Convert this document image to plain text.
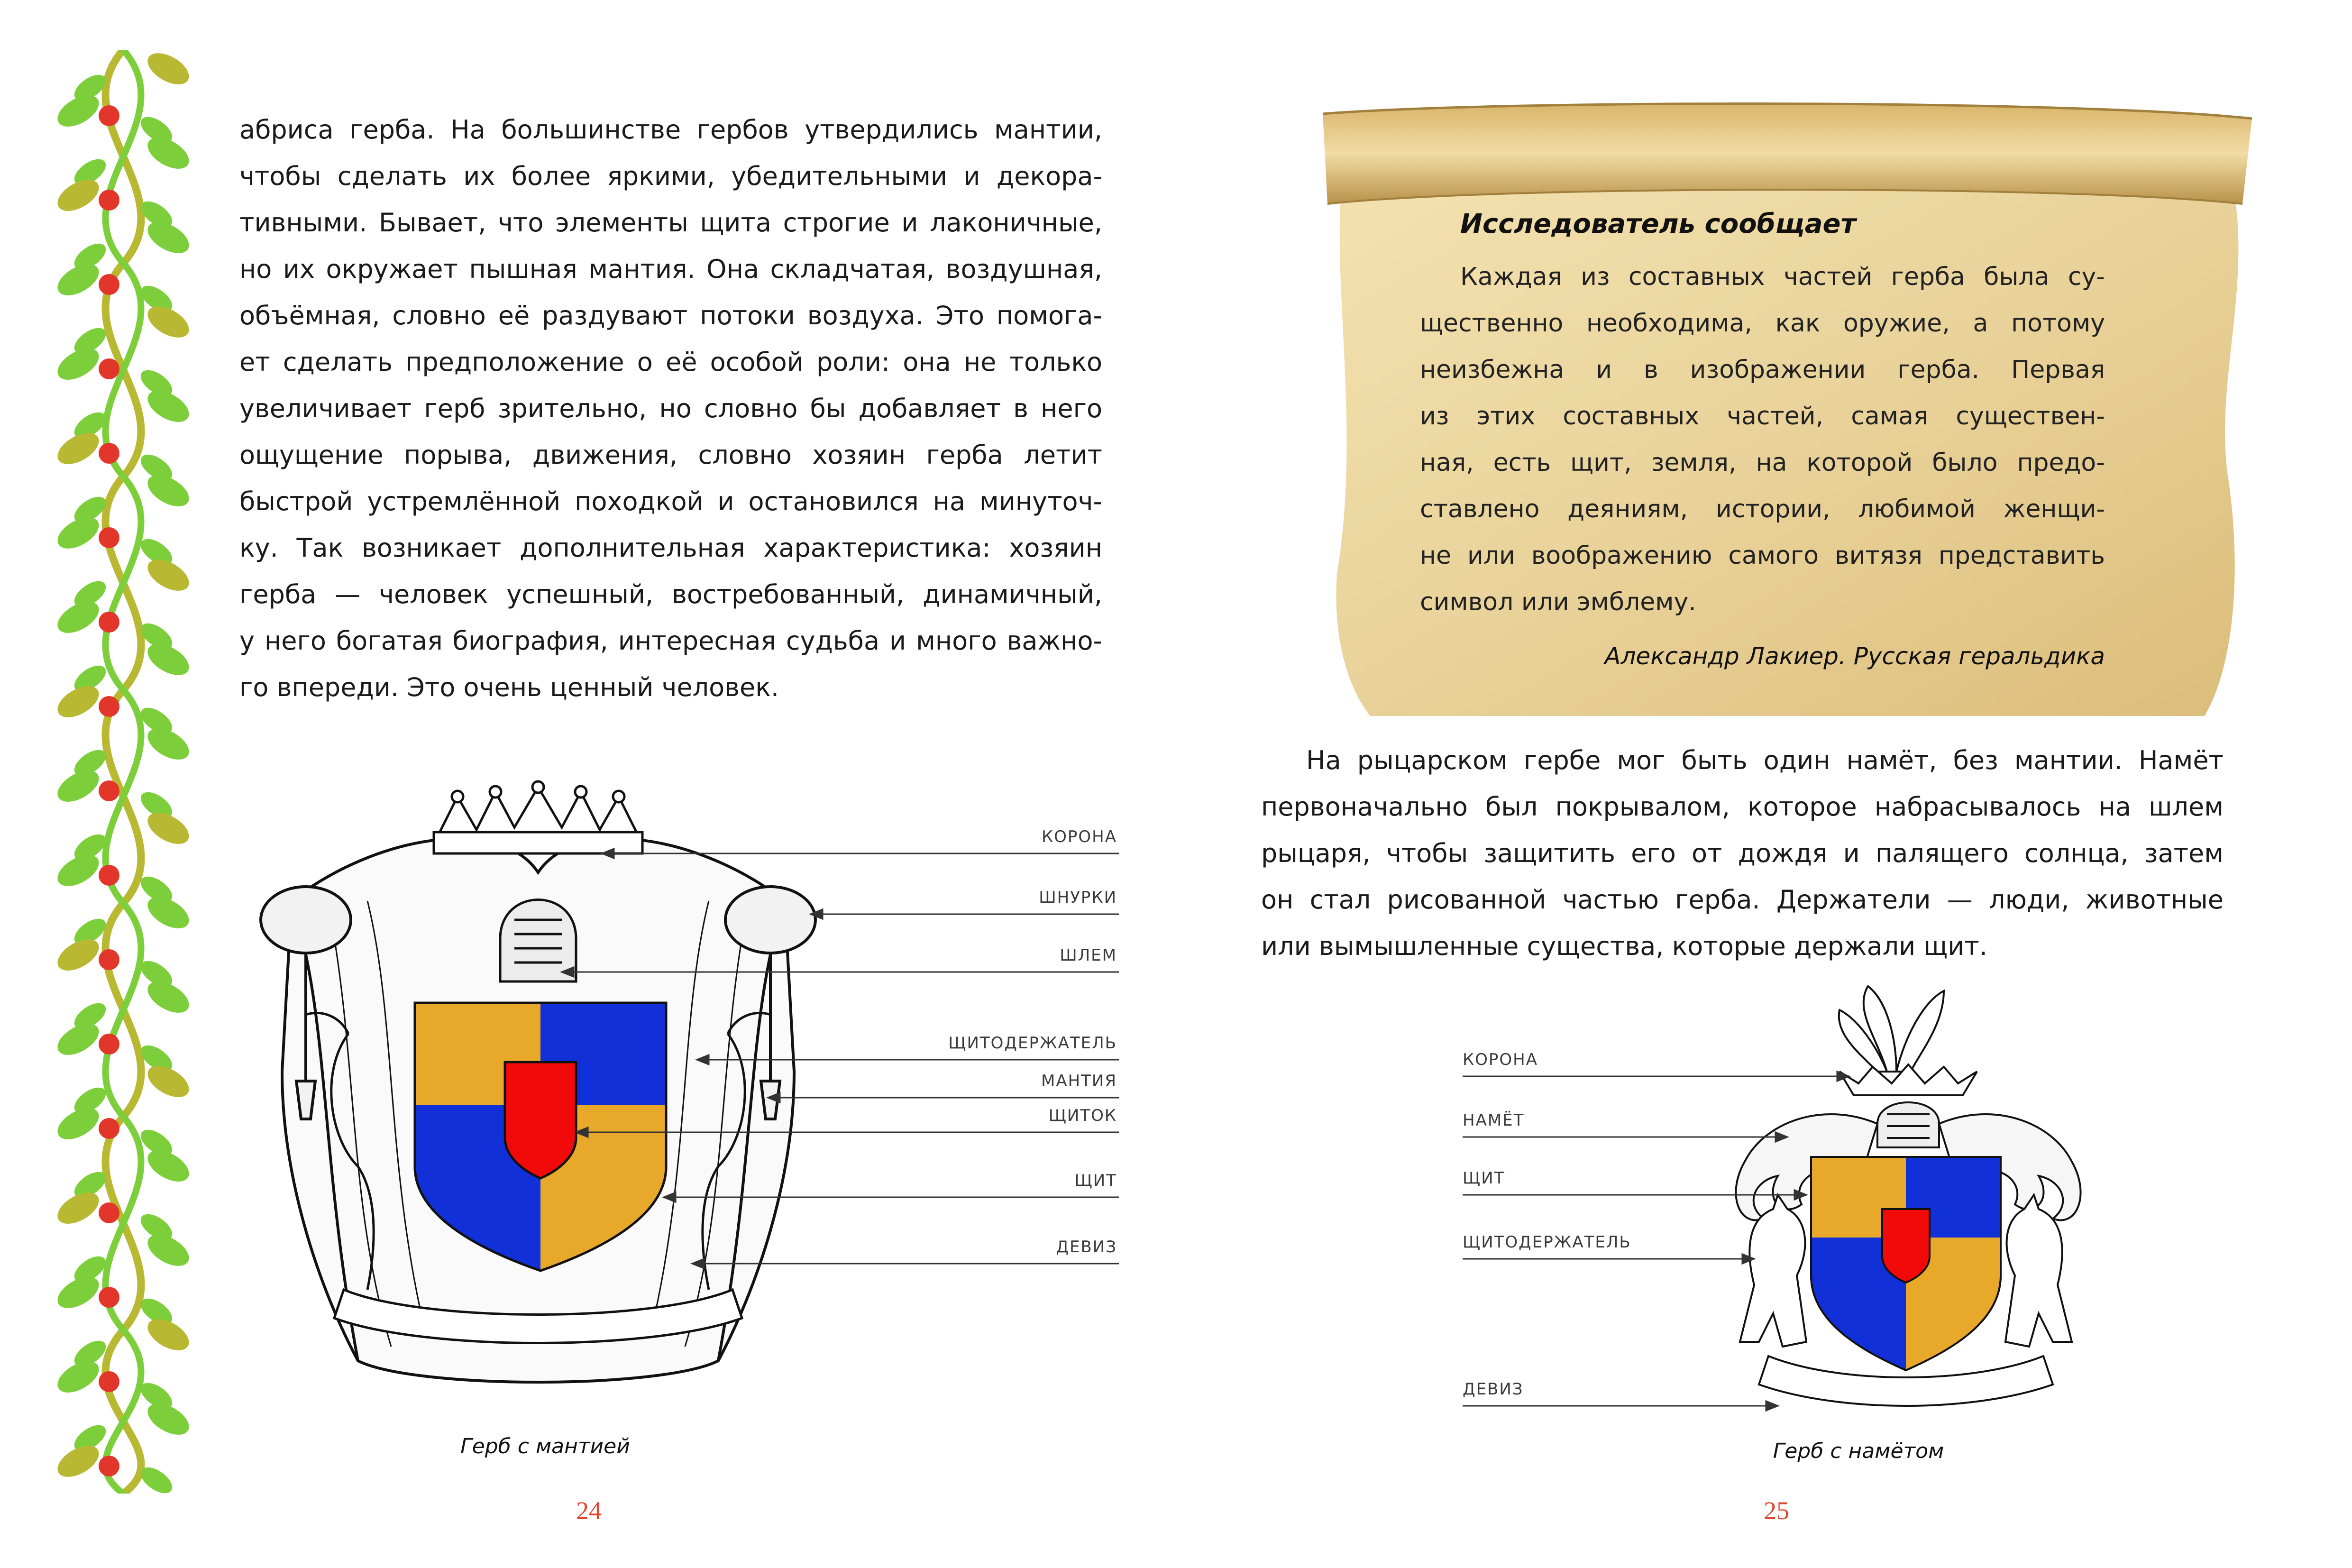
абриса герба. На большинстве гербов утвердились мантии,
чтобы сделать их более яркими, убедительными и декора-
тивными. Бывает, что элементы щита строгие и лаконичные,
но их окружает пышная мантия. Она складчатая, воздушная,
объёмная, словно её раздувают потоки воздуха. Это помога-
ет сделать предположение о её особой роли: она не только
увеличивает герб зрительно, но словно бы добавляет в него
ощущение порыва, движения, словно хозяин герба летит
быстрой устремлённой походкой и остановился на минуточ-
ку. Так возникает дополнительная характеристика: хозяин
герба — человек успешный, востребованный, динамичный,
у него богатая биография, интересная судьба и много важно-
го впереди. Это очень ценный человек.
КОРОНА
ШНУРКИ
ШЛЕМ
ЩИТОДЕРЖАТЕЛЬ
МАНТИЯ
ЩИТОК
ЩИТ
ДЕВИЗ
Герб с мантией
24
Исследователь сообщает
Каждая из составных частей герба была су-
щественно необходима, как оружие, а потому
неизбежна и в изображении герба. Первая
из этих составных частей, самая существен-
ная, есть щит, земля, на которой было предо-
ставлено деяниям, истории, любимой женщи-
не или воображению самого витязя представить
символ или эмблему.
Александр Лакиер. Русская геральдика
На рыцарском гербе мог быть один намёт, без мантии. Намёт
первоначально был покрывалом, которое набрасывалось на шлем
рыцаря, чтобы защитить его от дождя и палящего солнца, затем
он стал рисованной частью герба. Держатели — люди, животные
или вымышленные существа, которые держали щит.
КОРОНА
НАМЁТ
ЩИТ
ЩИТОДЕРЖАТЕЛЬ
ДЕВИЗ
Герб с намётом
25
